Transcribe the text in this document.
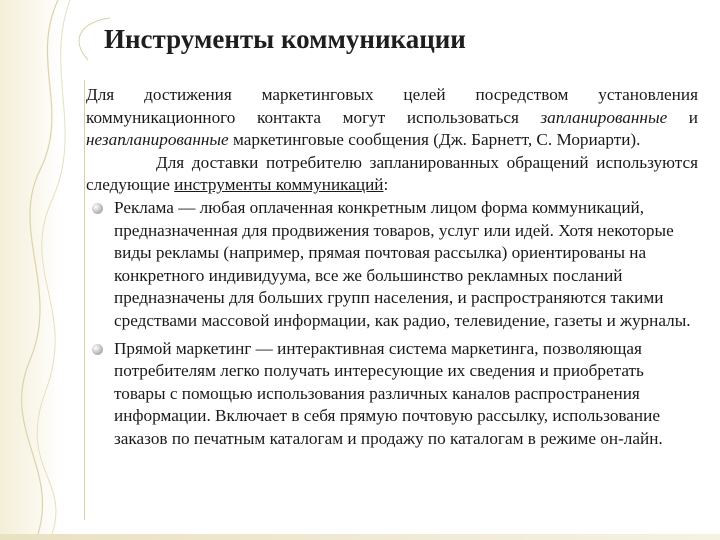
Инструменты коммуникации

Для достижения маркетинговых целей посредством установления коммуникационного контакта могут использоваться запланированные и незапланированные маркетинговые сообщения (Дж. Барнетт, С. Мориарти).

Для доставки потребителю запланированных обращений используются следующие инструменты коммуникаций:

Реклама — любая оплаченная конкретным лицом форма коммуникаций, предназначенная для продвижения товаров, услуг или идей. Хотя некоторые виды рекламы (например, прямая почтовая рассылка) ориентированы на конкретного индивидуума, все же большинство рекламных посланий предназначены для больших групп населения, и распространяются такими средствами массовой информации, как радио, телевидение, газеты и журналы.
Прямой маркетинг — интерактивная система маркетинга, позволяющая потребителям легко получать интересующие их сведения и приобретать товары с помощью использования различных каналов распространения информации. Включает в себя прямую почтовую рассылку, использование заказов по печатным каталогам и продажу по каталогам в режиме он-лайн.
